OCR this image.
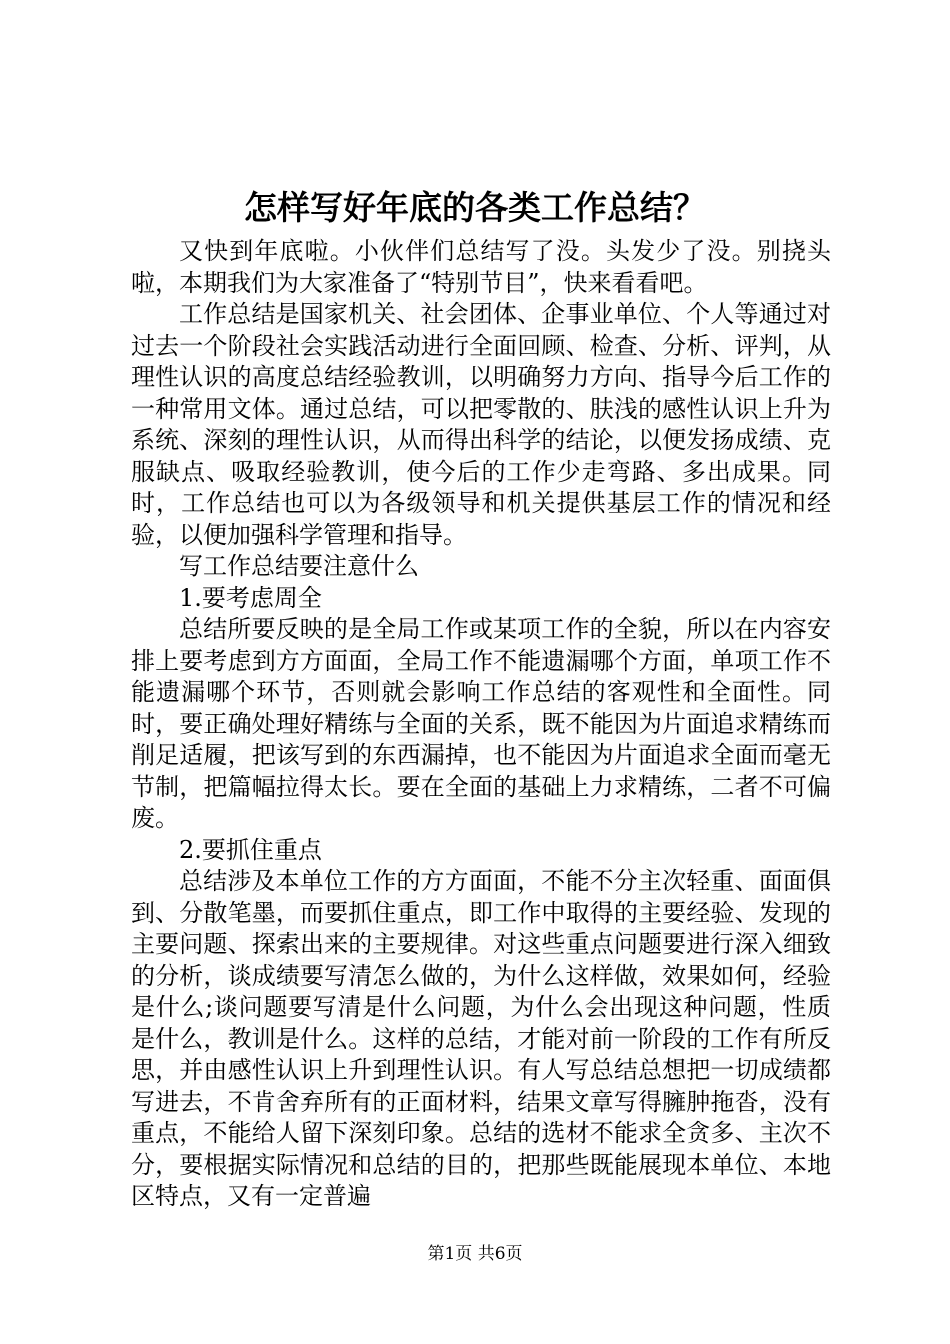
怎样写好年底的各类工作总结？

又快到年底啦。小伙伴们总结写了没。头发少了没。别挠头啦，本期我们为大家准备了“特别节目”，快来看看吧。

工作总结是国家机关、社会团体、企事业单位、个人等通过对过去一个阶段社会实践活动进行全面回顾、检查、分析、评判，从理性认识的高度总结经验教训，以明确努力方向、指导今后工作的一种常用文体。通过总结，可以把零散的、肤浅的感性认识上升为系统、深刻的理性认识，从而得出科学的结论，以便发扬成绩、克服缺点、吸取经验教训，使今后的工作少走弯路、多出成果。同时，工作总结也可以为各级领导和机关提供基层工作的情况和经验，以便加强科学管理和指导。

写工作总结要注意什么

1.要考虑周全

总结所要反映的是全局工作或某项工作的全貌，所以在内容安排上要考虑到方方面面，全局工作不能遗漏哪个方面，单项工作不能遗漏哪个环节，否则就会影响工作总结的客观性和全面性。同时，要正确处理好精练与全面的关系，既不能因为片面追求精练而削足适履，把该写到的东西漏掉，也不能因为片面追求全面而毫无节制，把篇幅拉得太长。要在全面的基础上力求精练，二者不可偏废。

2.要抓住重点

总结涉及本单位工作的方方面面，不能不分主次轻重、面面俱到、分散笔墨，而要抓住重点，即工作中取得的主要经验、发现的主要问题、探索出来的主要规律。对这些重点问题要进行深入细致的分析，谈成绩要写清怎么做的，为什么这样做，效果如何，经验是什么;谈问题要写清是什么问题，为什么会出现这种问题，性质是什么，教训是什么。这样的总结，才能对前一阶段的工作有所反思，并由感性认识上升到理性认识。有人写总结总想把一切成绩都写进去，不肯舍弃所有的正面材料，结果文章写得臃肿拖沓，没有重点，不能给人留下深刻印象。总结的选材不能求全贪多、主次不分，要根据实际情况和总结的目的，把那些既能展现本单位、本地区特点，又有一定普遍

第1页 共6页
